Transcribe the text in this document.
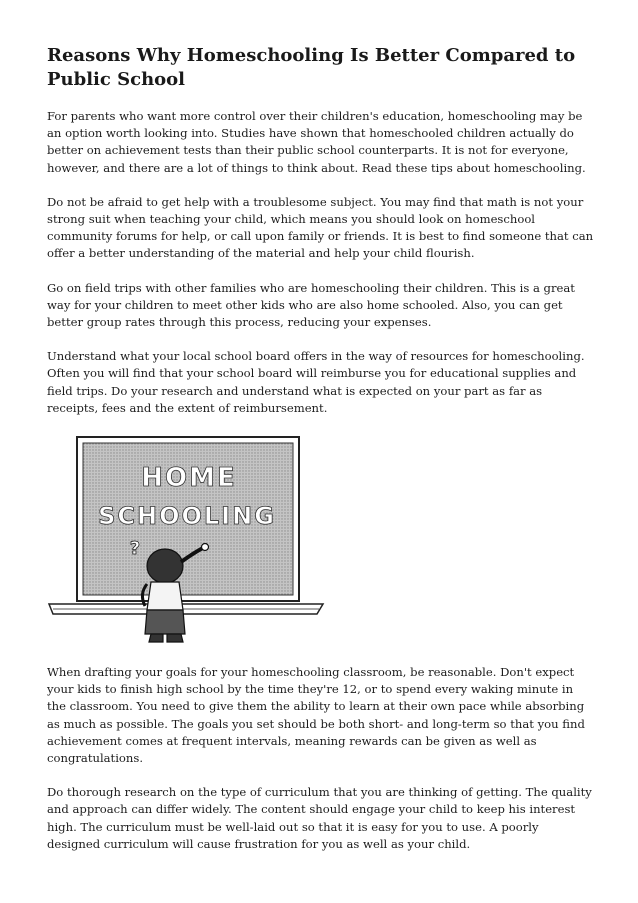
Reasons Why Homeschooling Is Better Compared to Public School

For parents who want more control over their children's education, homeschooling may be an option worth looking into. Studies have shown that homeschooled children actually do better on achievement tests than their public school counterparts. It is not for everyone, however, and there are a lot of things to think about. Read these tips about homeschooling.

Do not be afraid to get help with a troublesome subject. You may find that math is not your strong suit when teaching your child, which means you should look on homeschool community forums for help, or call upon family or friends. It is best to find someone that can offer a better understanding of the material and help your child flourish.

Go on field trips with other families who are homeschooling their children. This is a great way for your children to meet other kids who are also home schooled. Also, you can get better group rates through this process, reducing your expenses.

Understand what your local school board offers in the way of resources for homeschooling. Often you will find that your school board will reimburse you for educational supplies and field trips. Do your research and understand what is expected on your part as far as receipts, fees and the extent of reimbursement.

HOME
SCHOOLING
?

When drafting your goals for your homeschooling classroom, be reasonable. Don't expect your kids to finish high school by the time they're 12, or to spend every waking minute in the classroom. You need to give them the ability to learn at their own pace while absorbing as much as possible. The goals you set should be both short- and long-term so that you find achievement comes at frequent intervals, meaning rewards can be given as well as congratulations.

Do thorough research on the type of curriculum that you are thinking of getting. The quality and approach can differ widely. The content should engage your child to keep his interest high. The curriculum must be well-laid out so that it is easy for you to use. A poorly designed curriculum will cause frustration for you as well as your child.
